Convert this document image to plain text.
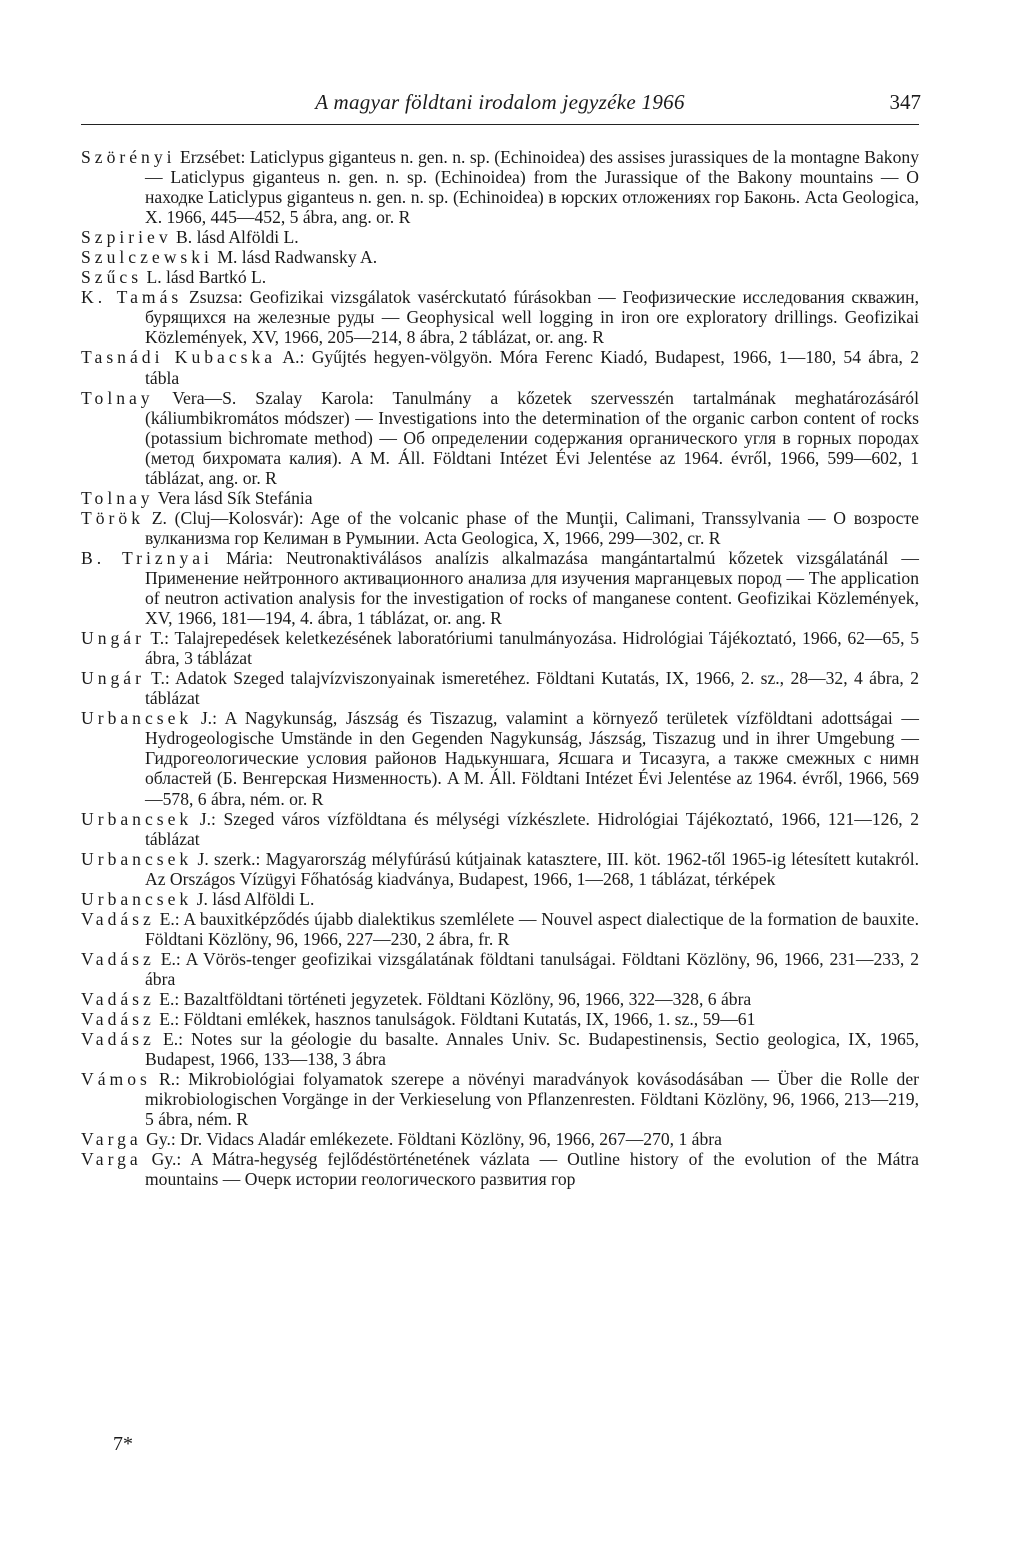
A magyar földtani irodalom jegyzéke 1966	347
Szörényi Erzsébet: Laticlypus giganteus n. gen. n. sp. (Echinoidea) des assises jurassiques de la montagne Bakony — Laticlypus giganteus n. gen. n. sp. (Echinoidea) from the Jurassique of the Bakony mountains — О находке Laticlypus giganteus n. gen. n. sp. (Echinoidea) в юрских отложениях гор Баконь. Acta Geologica, X. 1966, 445—452, 5 ábra, ang. or. R
Szpiriev B. lásd Alföldi L.
Szulczewski M. lásd Radwansky A.
Szűcs L. lásd Bartkó L.
K. Tamás Zsuzsa: Geofizikai vizsgálatok vasérckutató fúrásokban — Геофизические исследования скважин, бурящихся на железные руды — Geophysical well logging in iron ore exploratory drillings. Geofizikai Közlemények, XV, 1966, 205—214, 8 ábra, 2 táblázat, or. ang. R
Tasnádi Kubacska A.: Gyűjtés hegyen-völgyön. Móra Ferenc Kiadó, Budapest, 1966, 1—180, 54 ábra, 2 tábla
Tolnay Vera—S. Szalay Karola: Tanulmány a kőzetek szervesszén tartalmának meghatározásáról (káliumbikromátos módszer) — Investigations into the determination of the organic carbon content of rocks (potassium bichromate method) — Об определении содержания органического угля в горных породах (метод бихромата калия). A M. Áll. Földtani Intézet Évi Jelentése az 1964. évről, 1966, 599—602, 1 táblázat, ang. or. R
Tolnay Vera lásd Sík Stefánia
Török Z. (Cluj—Kolosvár): Age of the volcanic phase of the Munţii, Calimani, Transsylvania — О возросте вулканизма гор Келиман в Румынии. Acta Geologica, X, 1966, 299—302, cr. R
B. Triznyai Mária: Neutronaktiválásos analízis alkalmazása mangántartalmú kőzetek vizsgálatánál — Применение нейтронного активационного анализа для изучения марганцевых пород — The application of neutron activation analysis for the investigation of rocks of manganese content. Geofizikai Közlemények, XV, 1966, 181—194, 4. ábra, 1 táblázat, or. ang. R
Ungár T.: Talajrepedések keletkezésének laboratóriumi tanulmányozása. Hidrológiai Tájékoztató, 1966, 62—65, 5 ábra, 3 táblázat
Ungár T.: Adatok Szeged talajvízviszonyainak ismeretéhez. Földtani Kutatás, IX, 1966, 2. sz., 28—32, 4 ábra, 2 táblázat
Urbancsek J.: A Nagykunság, Jászság és Tiszazug, valamint a környező területek vízföldtani adottságai — Hydrogeologische Umstände in den Gegenden Nagykunság, Jászság, Tiszazug und in ihrer Umgebung — Гидрогеологические условия районов Надькуншага, Ясшага и Тисазуга, а также смежных с нимн областей (Б. Венгерская Низменность). A M. Áll. Földtani Intézet Évi Jelentése az 1964. évről, 1966, 569—578, 6 ábra, ném. or. R
Urbancsek J.: Szeged város vízföldtana és mélységi vízkészlete. Hidrológiai Tájékoztató, 1966, 121—126, 2 táblázat
Urbancsek J. szerk.: Magyarország mélyfúrású kútjainak katasztere, III. köt. 1962-től 1965-ig létesített kutakról. Az Országos Vízügyi Főhatóság kiadványa, Budapest, 1966, 1—268, 1 táblázat, térképek
Urbancsek J. lásd Alföldi L.
Vadász E.: A bauxitképződés újabb dialektikus szemlélete — Nouvel aspect dialectique de la formation de bauxite. Földtani Közlöny, 96, 1966, 227—230, 2 ábra, fr. R
Vadász E.: A Vörös-tenger geofizikai vizsgálatának földtani tanulságai. Földtani Közlöny, 96, 1966, 231—233, 2 ábra
Vadász E.: Bazaltföldtani történeti jegyzetek. Földtani Közlöny, 96, 1966, 322—328, 6 ábra
Vadász E.: Földtani emlékek, hasznos tanulságok. Földtani Kutatás, IX, 1966, 1. sz., 59—61
Vadász E.: Notes sur la géologie du basalte. Annales Univ. Sc. Budapestinensis, Sectio geologica, IX, 1965, Budapest, 1966, 133—138, 3 ábra
Vámos R.: Mikrobiológiai folyamatok szerepe a növényi maradványok kovásodásában — Über die Rolle der mikrobiologischen Vorgänge in der Verkieselung von Pflanzenresten. Földtani Közlöny, 96, 1966, 213—219, 5 ábra, ném. R
Varga Gy.: Dr. Vidacs Aladár emlékezete. Földtani Közlöny, 96, 1966, 267—270, 1 ábra
Varga Gy.: A Mátra-hegység fejlődéstörténetének vázlata — Outline history of the evolution of the Mátra mountains — Очерк истории геологического развития гор
7*
